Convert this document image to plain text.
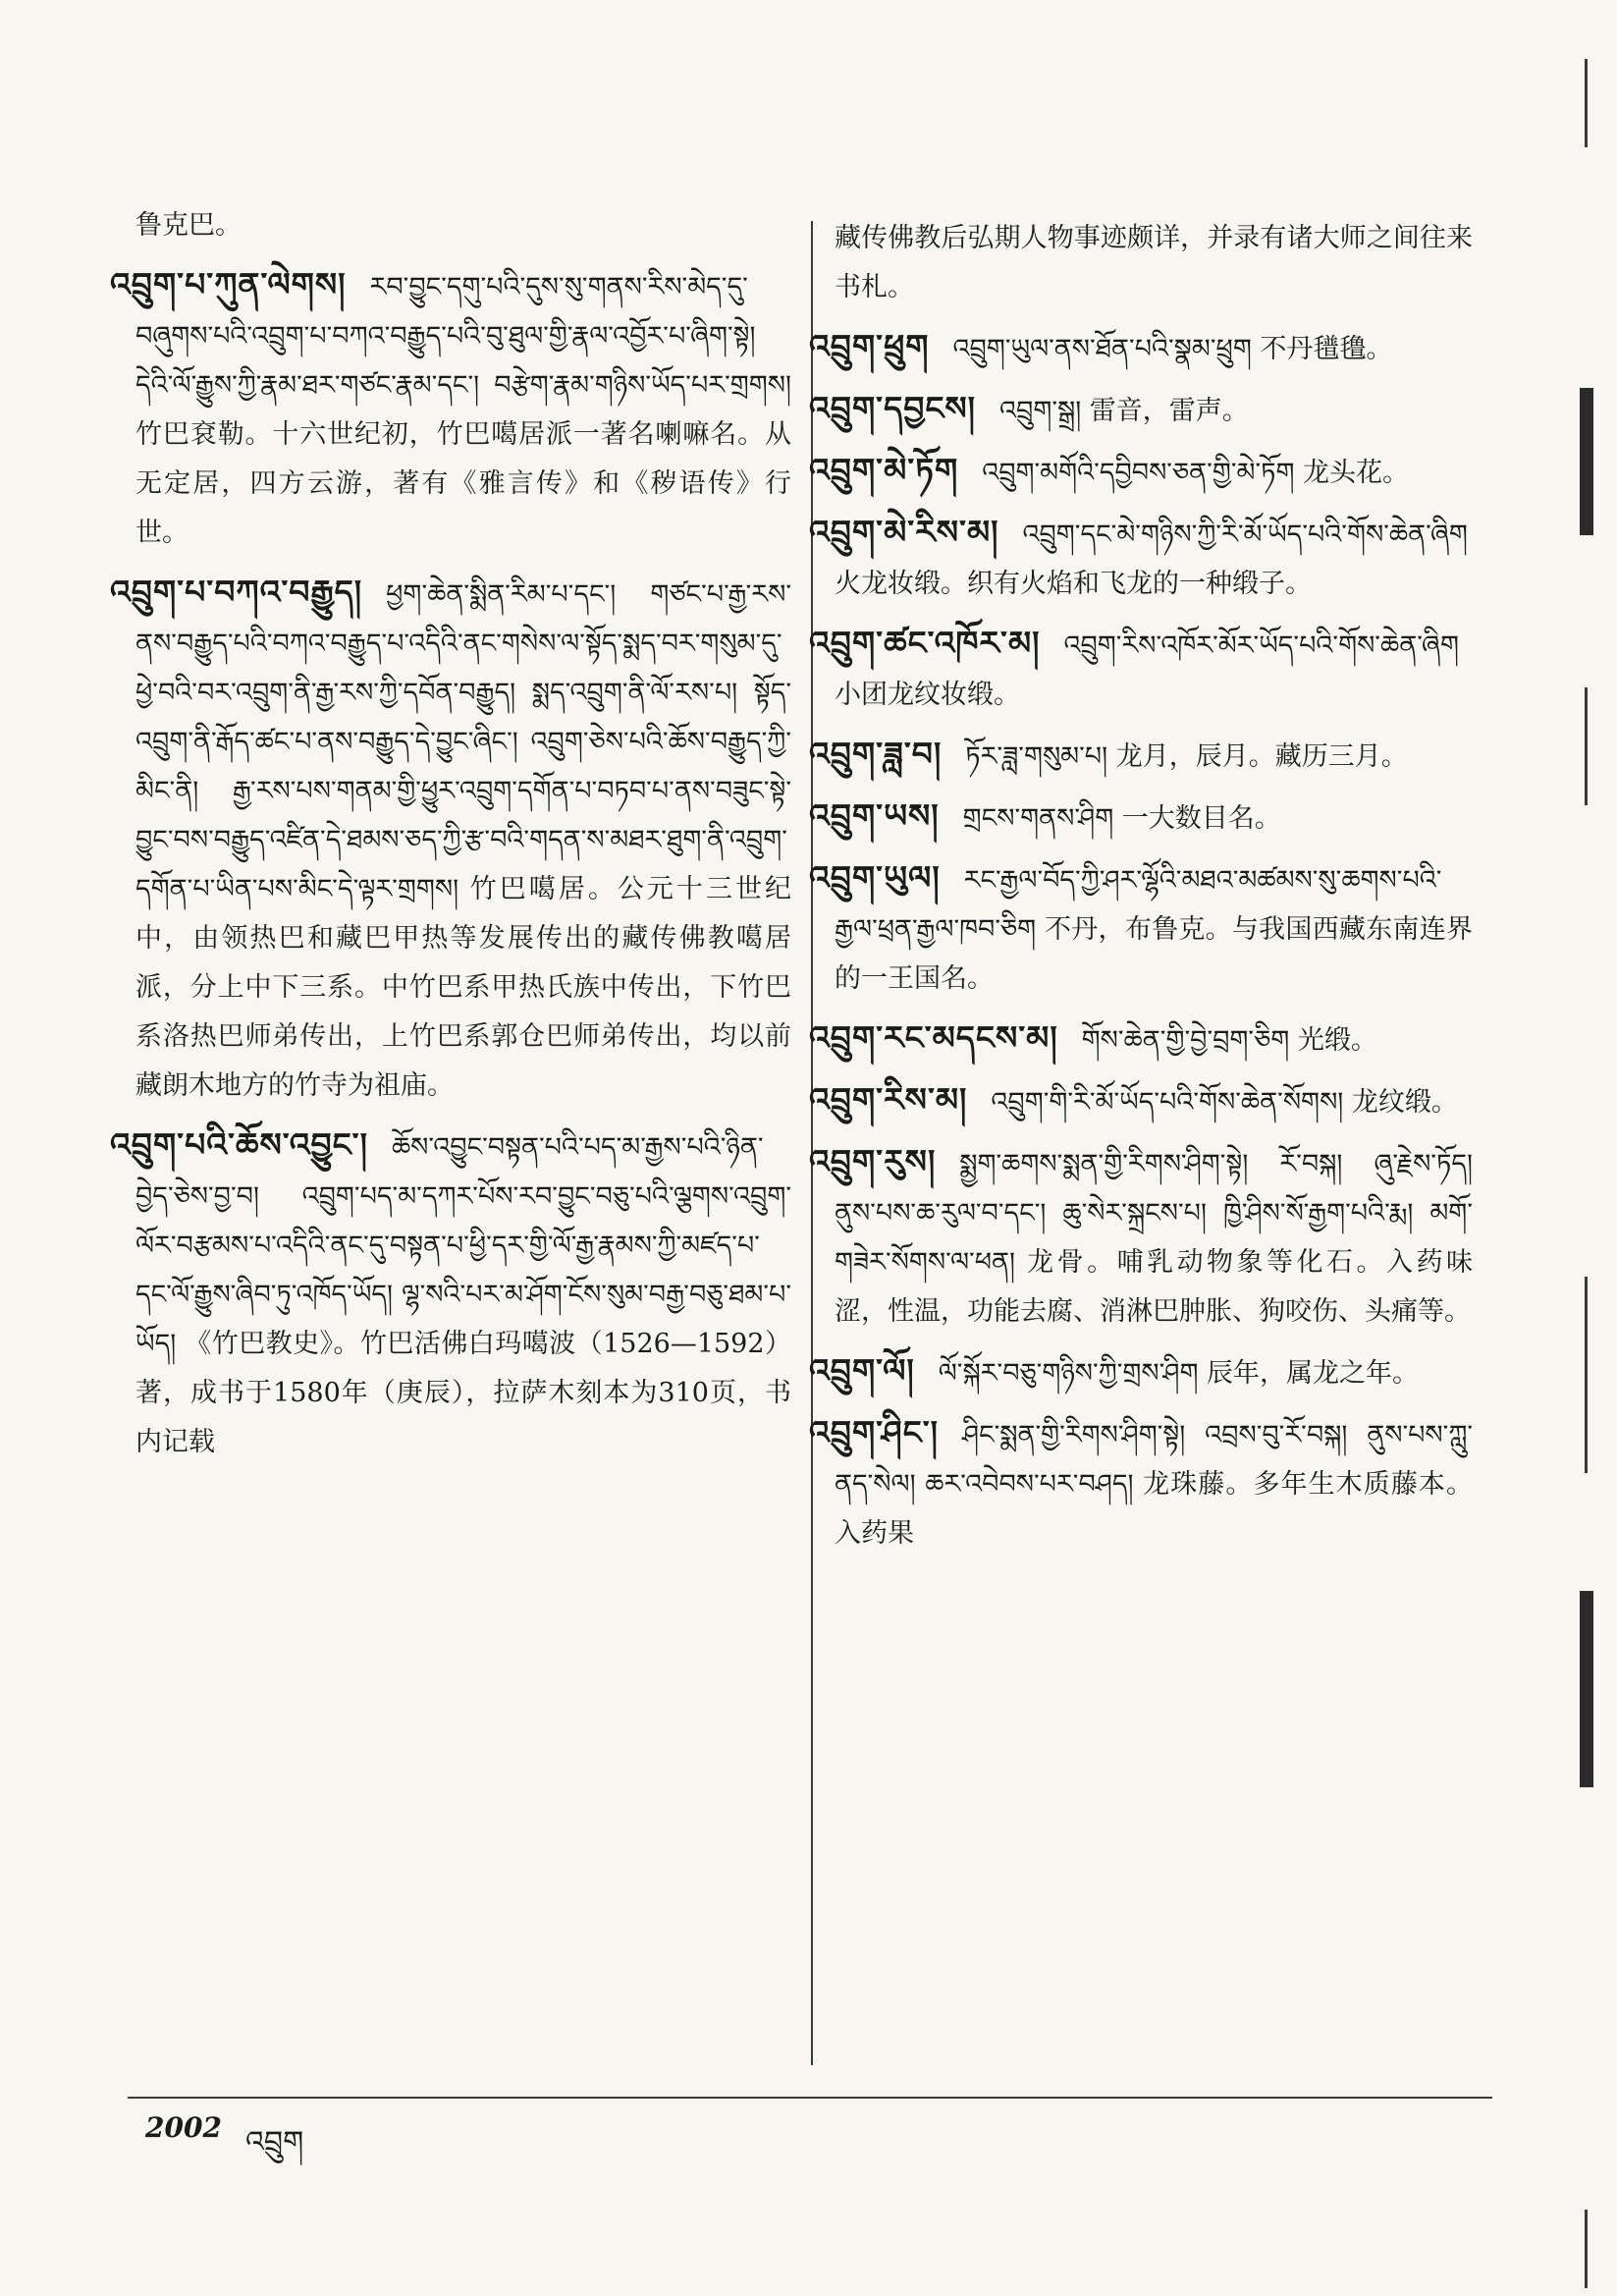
鲁克巴。

འབྲུག་པ་ཀུན་ལེགས། རབ་བྱུང་དགུ་པའི་དུས་སུ་གནས་རིས་མེད་དུ་བཞུགས་པའི་འབྲུག་པ་བཀའ་བརྒྱུད་པའི་བུ་ཐུལ་གྱི་རྣལ་འབྱོར་པ་ཞིག་སྟེ། དེའི་ལོ་རྒྱུས་ཀྱི་རྣམ་ཐར་གཙང་རྣམ་དང་། བརྩེག་རྣམ་གཉིས་ཡོད་པར་གྲགས། 竹巴袞勒。十六世纪初，竹巴噶居派一著名喇嘛名。从无定居，四方云游，著有《雅言传》和《秽语传》行世。

འབྲུག་པ་བཀའ་བརྒྱུད། ཕྱག་ཆེན་སྨིན་རིམ་པ་དང་། གཙང་པ་རྒྱ་རས་ནས་བརྒྱུད་པའི་བཀའ་བརྒྱུད་པ་འདིའི་ནང་གསེས་ལ་སྟོད་སྨད་བར་གསུམ་དུ་ཕྱེ་བའི་བར་འབྲུག་ནི་རྒྱ་རས་ཀྱི་དབོན་བརྒྱུད། སྨད་འབྲུག་ནི་ལོ་རས་པ། སྟོད་འབྲུག་ནི་རྒོད་ཚང་པ་ནས་བརྒྱུད་དེ་བྱུང་ཞིང་། འབྲུག་ཅེས་པའི་ཆོས་བརྒྱུད་ཀྱི་མིང་ནི། རྒྱ་རས་པས་གནམ་གྱི་ཕྱུར་འབྲུག་དགོན་པ་བཏབ་པ་ནས་བཟུང་སྟེ་བྱུང་བས་བརྒྱུད་འཛིན་དེ་ཐམས་ཅད་ཀྱི་རྩ་བའི་གདན་ས་མཐར་ཐུག་ནི་འབྲུག་དགོན་པ་ཡིན་པས་མིང་དེ་ལྟར་གྲགས། 竹巴噶居。公元十三世纪中，由领热巴和藏巴甲热等发展传出的藏传佛教噶居派，分上中下三系。中竹巴系甲热氏族中传出，下竹巴系洛热巴师弟传出，上竹巴系郭仓巴师弟传出，均以前藏朗木地方的竹寺为祖庙。

འབྲུག་པའི་ཆོས་འབྱུང་། ཆོས་འབྱུང་བསྟན་པའི་པད་མ་རྒྱས་པའི་ཉིན་བྱེད་ཅེས་བྱ་བ། འབྲུག་པད་མ་དཀར་པོས་རབ་བྱུང་བཅུ་པའི་ལྕགས་འབྲུག་ལོར་བརྩམས་པ་འདིའི་ནང་དུ་བསྟན་པ་ཕྱི་དར་གྱི་ལོ་རྒྱ་རྣམས་ཀྱི་མཛད་པ་དང་ལོ་རྒྱུས་ཞིབ་ཏུ་འཁོད་ཡོད། ལྷ་སའི་པར་མ་ཤོག་ངོས་སུམ་བརྒྱ་བཅུ་ཐམ་པ་ཡོད། 《竹巴教史》。竹巴活佛白玛噶波（1526—1592）著，成书于1580年（庚辰），拉萨木刻本为310页，书内记载

藏传佛教后弘期人物事迹颇详，并录有诸大师之间往来书札。

འབྲུག་ཕྲུག འབྲུག་ཡུལ་ནས་ཐོན་པའི་སྣམ་ཕྲུག 不丹氆氇。

འབྲུག་དབྱངས། འབྲུག་སྒྲ། 雷音，雷声。

འབྲུག་མེ་ཏོག འབྲུག་མགོའི་དབྱིབས་ཅན་གྱི་མེ་ཏོག 龙头花。

འབྲུག་མེ་རིས་མ། འབྲུག་དང་མེ་གཉིས་ཀྱི་རི་མོ་ཡོད་པའི་གོས་ཆེན་ཞིག 火龙妆缎。织有火焰和飞龙的一种缎子。

འབྲུག་ཚང་འཁོར་མ། འབྲུག་རིས་འཁོར་མོར་ཡོད་པའི་གོས་ཆེན་ཞིག 小团龙纹妆缎。

འབྲུག་ཟླ་བ། ཏོར་ཟླ་གསུམ་པ། 龙月，辰月。藏历三月。

འབྲུག་ཡས། གྲངས་གནས་ཤིག 一大数目名。

འབྲུག་ཡུལ། རང་རྒྱལ་བོད་ཀྱི་ཤར་ལྷོའི་མཐའ་མཚམས་སུ་ཆགས་པའི་རྒྱལ་ཕྲན་རྒྱལ་ཁབ་ཅིག 不丹，布鲁克。与我国西藏东南连界的一王国名。

འབྲུག་རང་མདངས་མ། གོས་ཆེན་གྱི་བྱེ་བྲག་ཅིག 光缎。

འབྲུག་རིས་མ། འབྲུག་གི་རི་མོ་ཡོད་པའི་གོས་ཆེན་སོགས། 龙纹缎。

འབྲུག་རུས། སྨྱག་ཆགས་སྨན་གྱི་རིགས་ཤིག་སྟེ། རོ་བསྐ། ཞུ་རྗེས་ཏོད། ནུས་པས་ཆ་རུལ་བ་དང་། ཆུ་སེར་སྐྲངས་པ། ཁྱི་ཤིས་སོ་རྒྱག་པའི་རྨ། མགོ་གཟེར་སོགས་ལ་ཕན། 龙骨。哺乳动物象等化石。入药味涩，性温，功能去腐、消淋巴肿胀、狗咬伤、头痛等。

འབྲུག་ལོ། ལོ་སྐོར་བཅུ་གཉིས་ཀྱི་གྲས་ཤིག 辰年，属龙之年。

འབྲུག་ཤིང་། ཤིང་སྨན་གྱི་རིགས་ཤིག་སྟེ། འབྲས་བུ་རོ་བསྐ། ནུས་པས་ཀླུ་ནད་སེལ། ཆར་འབེབས་པར་བཤད། 龙珠藤。多年生木质藤本。入药果

2002 འབྲུག
